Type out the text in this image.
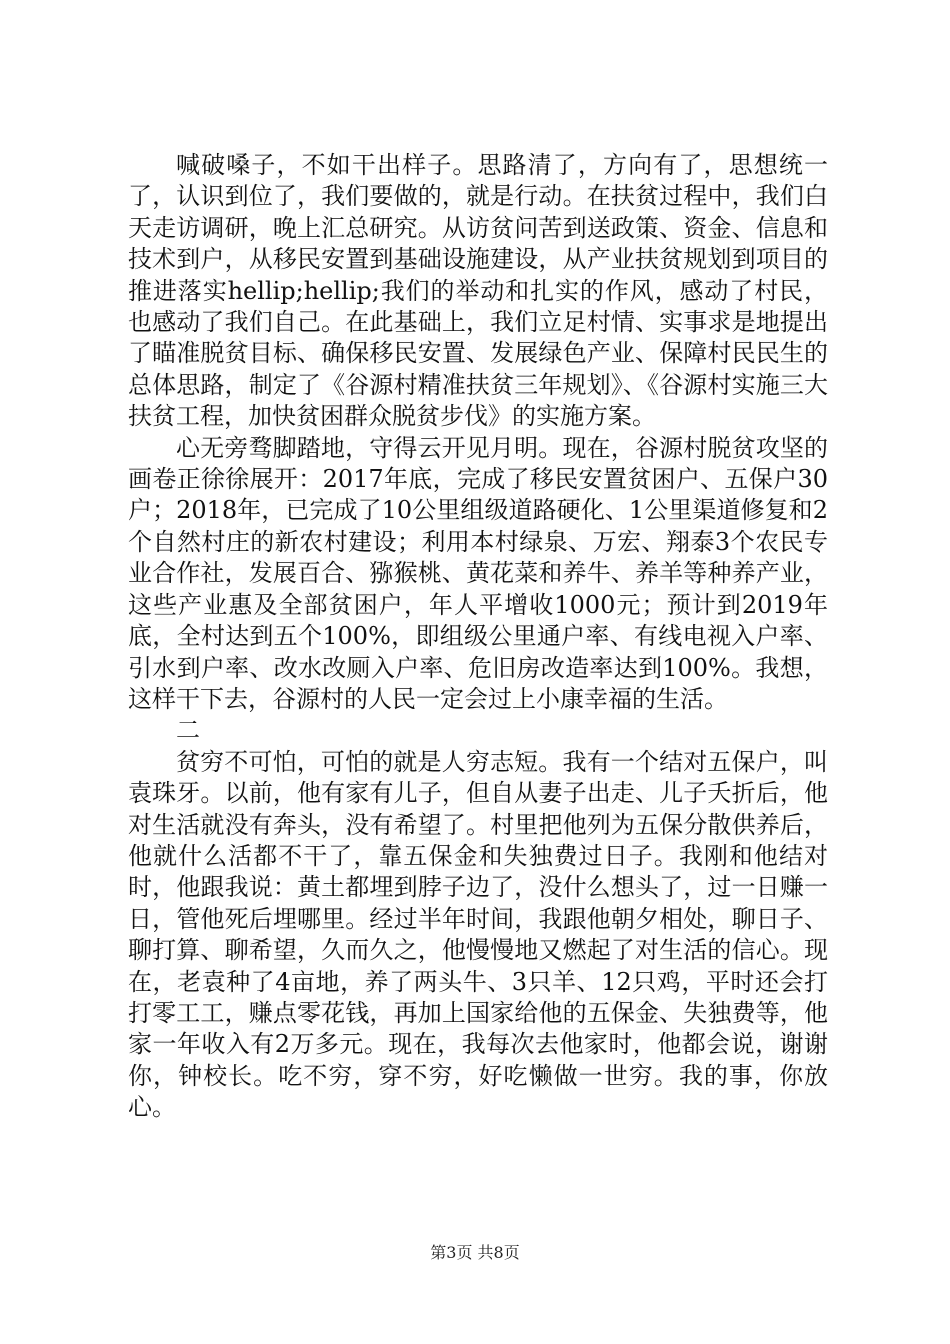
喊破嗓子，不如干出样子。思路清了，方向有了，思想统一了，认识到位了，我们要做的，就是行动。在扶贫过程中，我们白天走访调研，晚上汇总研究。从访贫问苦到送政策、资金、信息和技术到户，从移民安置到基础设施建设，从产业扶贫规划到项目的推进落实hellip;hellip;我们的举动和扎实的作风，感动了村民，也感动了我们自己。在此基础上，我们立足村情、实事求是地提出了瞄准脱贫目标、确保移民安置、发展绿色产业、保障村民民生的总体思路，制定了《谷源村精准扶贫三年规划》、《谷源村实施三大扶贫工程，加快贫困群众脱贫步伐》的实施方案。

心无旁骛脚踏地，守得云开见月明。现在，谷源村脱贫攻坚的画卷正徐徐展开：2017年底，完成了移民安置贫困户、五保户30户；2018年，已完成了10公里组级道路硬化、1公里渠道修复和2个自然村庄的新农村建设；利用本村绿泉、万宏、翔泰3个农民专业合作社，发展百合、猕猴桃、黄花菜和养牛、养羊等种养产业，这些产业惠及全部贫困户，年人平增收1000元；预计到2019年底，全村达到五个100%，即组级公里通户率、有线电视入户率、引水到户率、改水改厕入户率、危旧房改造率达到100%。我想，这样干下去，谷源村的人民一定会过上小康幸福的生活。

二

贫穷不可怕，可怕的就是人穷志短。我有一个结对五保户，叫袁珠牙。以前，他有家有儿子，但自从妻子出走、儿子夭折后，他对生活就没有奔头，没有希望了。村里把他列为五保分散供养后，他就什么活都不干了，靠五保金和失独费过日子。我刚和他结对时，他跟我说：黄土都埋到脖子边了，没什么想头了，过一日赚一日，管他死后埋哪里。经过半年时间，我跟他朝夕相处，聊日子、聊打算、聊希望，久而久之，他慢慢地又燃起了对生活的信心。现在，老袁种了4亩地，养了两头牛、3只羊、12只鸡，平时还会打打零工工，赚点零花钱，再加上国家给他的五保金、失独费等，他家一年收入有2万多元。现在，我每次去他家时，他都会说，谢谢你，钟校长。吃不穷，穿不穷，好吃懒做一世穷。我的事，你放心。

第3页 共8页
